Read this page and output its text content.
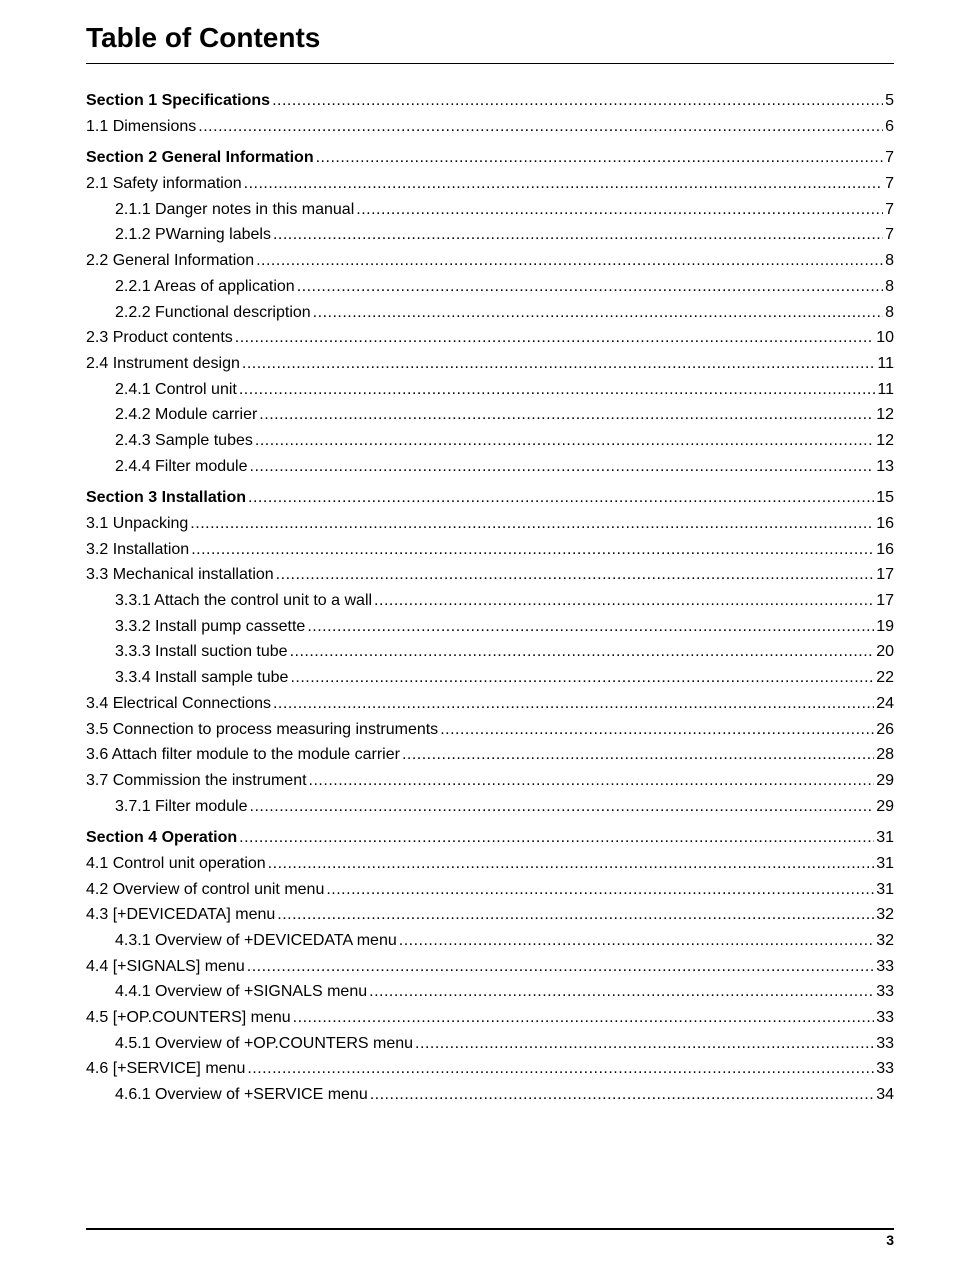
Table of Contents
Section 1 Specifications .....	5
1.1 Dimensions .....	6
Section 2 General Information .....	7
2.1 Safety information .....	7
2.1.1 Danger notes in this manual .....	7
2.1.2 PWarning labels .....	7
2.2 General Information .....	8
2.2.1 Areas of application .....	8
2.2.2 Functional description .....	8
2.3 Product contents .....	10
2.4 Instrument design .....	11
2.4.1 Control unit .....	11
2.4.2 Module carrier .....	12
2.4.3 Sample tubes .....	12
2.4.4 Filter module .....	13
Section 3 Installation .....	15
3.1 Unpacking .....	16
3.2 Installation .....	16
3.3 Mechanical installation .....	17
3.3.1 Attach the control unit to a wall .....	17
3.3.2 Install pump cassette .....	19
3.3.3 Install suction tube .....	20
3.3.4 Install sample tube .....	22
3.4 Electrical Connections .....	24
3.5 Connection to process measuring instruments .....	26
3.6 Attach filter module to the module carrier .....	28
3.7 Commission the instrument .....	29
3.7.1 Filter module .....	29
Section 4 Operation .....	31
4.1 Control unit operation .....	31
4.2 Overview of control unit menu .....	31
4.3 [+DEVICEDATA] menu .....	32
4.3.1 Overview of +DEVICEDATA menu .....	32
4.4 [+SIGNALS] menu .....	33
4.4.1 Overview of +SIGNALS menu .....	33
4.5 [+OP.COUNTERS] menu .....	33
4.5.1 Overview of +OP.COUNTERS menu .....	33
4.6 [+SERVICE] menu .....	33
4.6.1 Overview of +SERVICE menu .....	34
3
